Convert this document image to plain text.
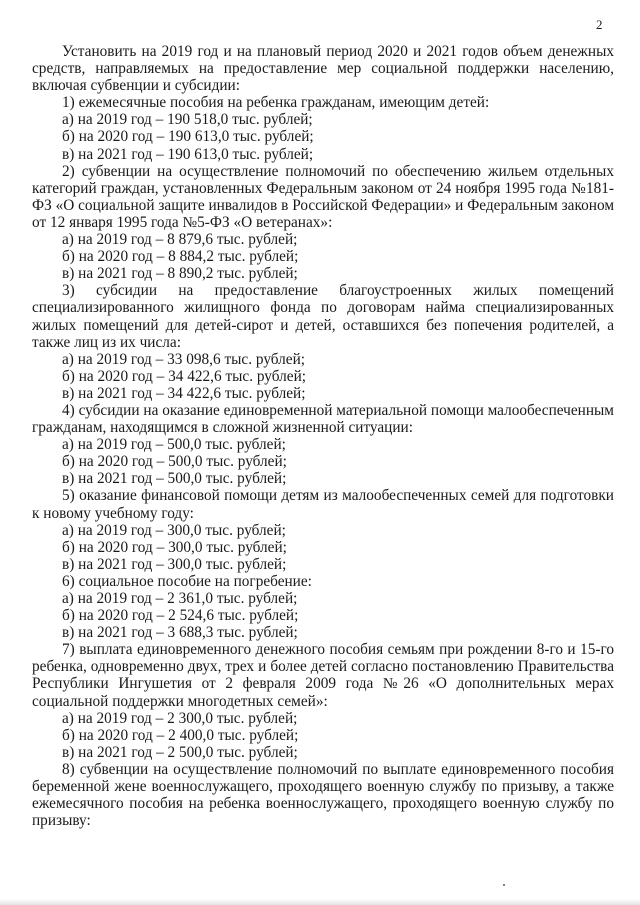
2

Установить на 2019 год и на плановый период 2020 и 2021 годов объем денежных средств, направляемых на предоставление мер социальной поддержки населению, включая субвенции и субсидии:

1) ежемесячные пособия на ребенка гражданам, имеющим детей:

а) на 2019 год – 190 518,0 тыс. рублей;

б) на 2020 год – 190 613,0 тыс. рублей;

в) на 2021 год – 190 613,0 тыс. рублей;

2) субвенции на осуществление полномочий по обеспечению жильем отдельных категорий граждан, установленных Федеральным законом от 24 ноября 1995 года №181-ФЗ «О социальной защите инвалидов в Российской Федерации» и Федеральным законом от 12 января 1995 года №5-ФЗ «О ветеранах»:

а) на 2019 год – 8 879,6 тыс. рублей;

б) на 2020 год – 8 884,2 тыс. рублей;

в) на 2021 год – 8 890,2 тыс. рублей;

3) субсидии на предоставление благоустроенных жилых помещений специализированного жилищного фонда по договорам найма специализированных жилых помещений для детей-сирот и детей, оставшихся без попечения родителей, а также лиц из их числа:

а) на 2019 год – 33 098,6 тыс. рублей;

б) на 2020 год – 34 422,6 тыс. рублей;

в) на 2021 год – 34 422,6 тыс. рублей;

4) субсидии на оказание единовременной материальной помощи малообеспеченным гражданам, находящимся в сложной жизненной ситуации:

а) на 2019 год – 500,0 тыс. рублей;

б) на 2020 год – 500,0 тыс. рублей;

в) на 2021 год – 500,0 тыс. рублей;

5) оказание финансовой помощи детям из малообеспеченных семей для подготовки к новому учебному году:

а) на 2019 год – 300,0 тыс. рублей;

б) на 2020 год – 300,0 тыс. рублей;

в) на 2021 год – 300,0 тыс. рублей;

6) социальное пособие на погребение:

а) на 2019 год – 2 361,0 тыс. рублей;

б) на 2020 год – 2 524,6 тыс. рублей;

в) на 2021 год – 3 688,3 тыс. рублей;

7) выплата единовременного денежного пособия семьям при рождении 8-го и 15-го ребенка, одновременно двух, трех и более детей согласно постановлению Правительства Республики Ингушетия от 2 февраля 2009 года №26 «О дополнительных мерах социальной поддержки многодетных семей»:

а) на 2019 год – 2 300,0 тыс. рублей;

б) на 2020 год – 2 400,0 тыс. рублей;

в) на 2021 год – 2 500,0 тыс. рублей;

8) субвенции на осуществление полномочий по выплате единовременного пособия беременной жене военнослужащего, проходящего военную службу по призыву, а также ежемесячного пособия на ребенка военнослужащего, проходящего военную службу по призыву:
